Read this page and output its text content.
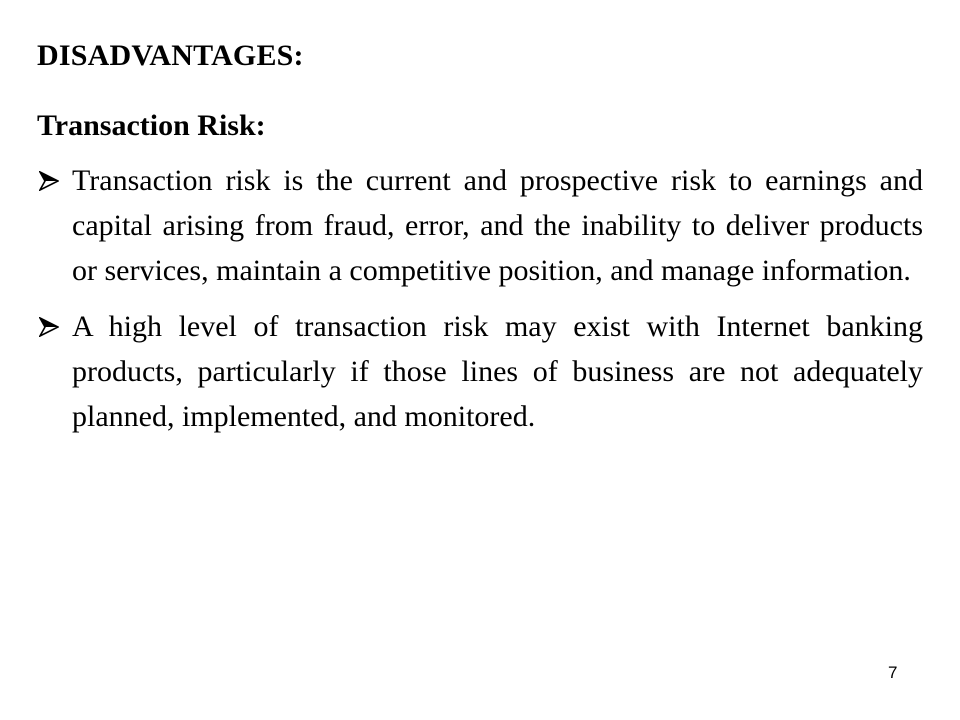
DISADVANTAGES:
Transaction Risk:
Transaction risk is the current and prospective risk to earnings and capital arising from fraud, error, and the inability to deliver products or services, maintain a competitive position, and manage information.
A high level of transaction risk may exist with Internet banking products, particularly if those lines of business are not adequately planned, implemented, and monitored.
7
